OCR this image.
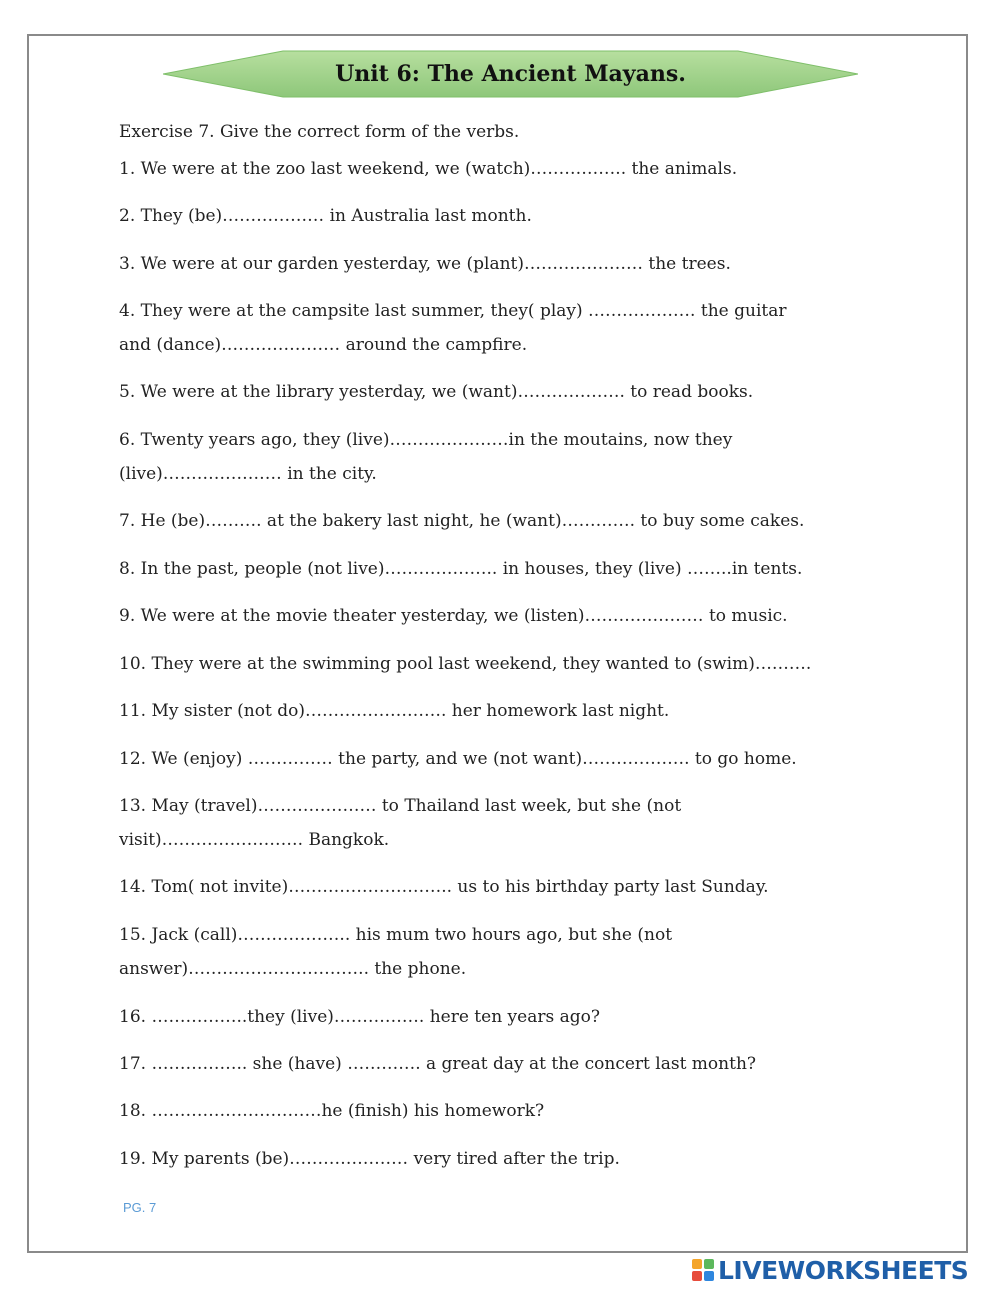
Unit 6: The Ancient Mayans.
Exercise 7. Give the correct form of the verbs.
1. We were at the zoo last weekend, we (watch)…………….. the animals.
2. They (be)……………… in Australia last month.
3. We were at our garden yesterday, we (plant)………………… the trees.
4. They were at the campsite last summer, they( play) ………………. the guitar
and (dance)………………… around the campfire.
5. We were at the library yesterday, we (want)………………. to read books.
6. Twenty years ago, they (live)…………………in the moutains, now they
(live)………………… in the city.
7. He (be)………. at the bakery last night, he (want)…………. to buy some cakes.
8. In the past, people (not live)……………….. in houses, they (live) ……..in tents.
9. We were at the movie theater yesterday, we (listen)………………… to music.
10. They were at the swimming pool last weekend, they wanted to (swim)……….
11. My sister (not do)……………………. her homework last night.
12. We (enjoy) …………… the party, and we (not want)………………. to go home.
13. May (travel)………………… to Thailand last week, but she (not
visit)……………………. Bangkok.
14. Tom( not invite)……………………….. us to his birthday party last Sunday.
15. Jack (call)……………….. his mum two hours ago, but she (not
answer)………………………….. the phone.
16. ……………..they (live)……………. here ten years ago?
17. …………….. she (have) …………. a great day at the concert last month?
18. …………………………he (finish) his homework?
19. My parents (be)………………… very tired after the trip.
PG. 7
LIVEWORKSHEETS
